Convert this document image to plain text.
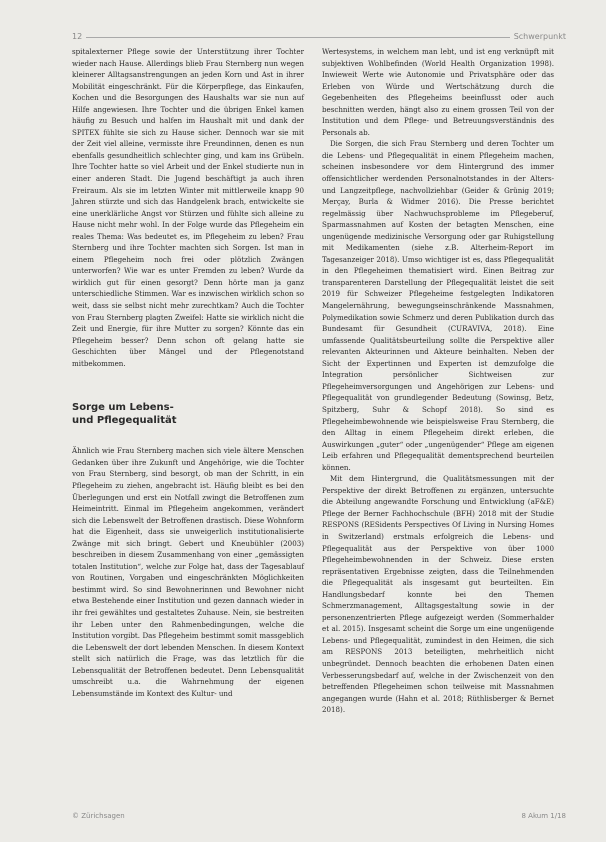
12	Schwerpunkt

spitalexterner Pflege sowie der Unterstützung ihrer Tochter wieder nach Hause. Allerdings blieb Frau Sternberg nun wegen kleinerer Alltagsanstrengungen an jeden Korn und Ast in ihrer Mobilität eingeschränkt. Für die Körperpflege, das Einkaufen, Kochen und die Besorgungen des Haushalts war sie nun auf Hilfe angewiesen. Ihre Tochter und die übrigen Enkel kamen häufig zu Besuch und halfen im Haushalt mit und dank der SPITEX fühlte sie sich zu Hause sicher. Dennoch war sie mit der Zeit viel alleine, vermisste ihre Freundinnen, denen es nun ebenfalls gesundheitlich schlechter ging, und kam ins Grübeln. Ihre Tochter hatte so viel Arbeit und der Enkel studierte nun in einer anderen Stadt. Die Jugend beschäftigt ja auch ihren Freiraum. Als sie im letzten Winter mit mittlerweile knapp 90 Jahren stürzte und sich das Handgelenk brach, entwickelte sie eine unerklärliche Angst vor Stürzen und fühlte sich alleine zu Hause nicht mehr wohl. In der Folge wurde das Pflegeheim ein reales Thema: Was bedeutet es, im Pflegeheim zu leben? Frau Sternberg und ihre Tochter machten sich Sorgen. Ist man in einem Pflegeheim noch frei oder plötzlich Zwängen unterworfen? Wie war es unter Fremden zu leben? Wurde da wirklich gut für einen gesorgt? Denn hörte man ja ganz unterschiedliche Stimmen. War es inzwischen wirklich schon so weit, dass sie selbst nicht mehr zurechtkam? Auch die Tochter von Frau Sternberg plagten Zweifel: Hatte sie wirklich nicht die Zeit und Energie, für ihre Mutter zu sorgen? Könnte das ein Pflegeheim besser? Denn schon oft gelang hatte sie Geschichten über Mängel und der Pflegenotstand mitbekommen.

Sorge um Lebens-
und Pflegequalität

Ähnlich wie Frau Sternberg machen sich viele ältere Menschen Gedanken über ihre Zukunft und Angehörige, wie die Tochter von Frau Sternberg, sind besorgt, ob man der Schritt, in ein Pflegeheim zu ziehen, angebracht ist. Häufig bleibt es bei den Überlegungen und erst ein Notfall zwingt die Betroffenen zum Heimeintritt. Einmal im Pflegeheim angekommen, verändert sich die Lebenswelt der Betroffenen drastisch. Diese Wohnform hat die Eigenheit, dass sie unweigerlich institutionalisierte Zwänge mit sich bringt. Gebert und Kneubühler (2003) beschreiben in diesem Zusammenhang von einer „gemässigten totalen Institution“, welche zur Folge hat, dass der Tagesablauf von Routinen, Vorgaben und eingeschränkten Möglichkeiten bestimmt wird. So sind Bewohnerinnen und Bewohner nicht etwa Bestehende einer Institution und gezen dannach wieder in ihr frei gewähltes und gestaltetes Zuhause. Nein, sie bestreiten ihr Leben unter den Rahmenbedingungen, welche die Institution vorgibt. Das Pflegeheim bestimmt somit massgeblich die Lebenswelt der dort lebenden Menschen. In diesem Kontext stellt sich natürlich die Frage, was das letztlich für die Lebensqualität der Betroffenen bedeutet. Denn Lebensqualität umschreibt u.a. die Wahrnehmung der eigenen Lebensumstände im Kontext des Kultur- und

Wertesystems, in welchem man lebt, und ist eng verknüpft mit subjektiven Wohlbefinden (World Health Organization 1998). Inwieweit Werte wie Autonomie und Privatsphäre oder das Erleben von Würde und Wertschätzung durch die Gegebenheiten des Pflegeheims beeinflusst oder auch beschnitten werden, hängt also zu einem grossen Teil von der Institution und dem Pflege- und Betreuungsverständnis des Personals ab.

Die Sorgen, die sich Frau Sternberg und deren Tochter um die Lebens- und Pflegequalität in einem Pflegeheim machen, scheinen insbesondere vor dem Hintergrund des immer offensichtlicher werdenden Personalnotstandes in der Alters- und Langzeitpflege, nachvollziehbar (Geider & Grünig 2019; Merçay, Burla & Widmer 2016). Die Presse berichtet regelmässig über Nachwuchsprobleme im Pflegeberuf, Sparmassnahmen auf Kosten der betagten Menschen, eine ungenügende medizinische Versorgung oder gar Ruhigstellung mit Medikamenten (siehe z.B. Alterheim-Report im Tagesanzeiger 2018). Umso wichtiger ist es, dass Pflegequalität in den Pflegeheimen thematisiert wird. Einen Beitrag zur transparenteren Darstellung der Pflegequalität leistet die seit 2019 für Schweizer Pflegeheime festgelegten Indikatoren Mangelernährung, bewegungseinschränkende Massnahmen, Polymedikation sowie Schmerz und deren Publikation durch das Bundesamt für Gesundheit (CURAVIVA, 2018). Eine umfassende Qualitätsbeurteilung sollte die Perspektive aller relevanten Akteurinnen und Akteure beinhalten. Neben der Sicht der Expertinnen und Experten ist demzufolge die Integration persönlicher Sichtweisen zur Pflegeheimversorgungen und Angehörigen zur Lebens- und Pflegequalität von grundlegender Bedeutung (Sowinsg, Betz, Spitzberg, Suhr & Schopf 2018). So sind es Pflegeheimbewohnende wie beispielsweise Frau Sternberg, die den Alltag in einem Pflegeheim direkt erleben, die Auswirkungen „guter“ oder „ungenügender“ Pflege am eigenen Leib erfahren und Pflegequalität dementsprechend beurteilen können.

Mit dem Hintergrund, die Qualitätsmessungen mit der Perspektive der direkt Betroffenen zu ergänzen, untersuchte die Abteilung angewandte Forschung und Entwicklung (aF&E) Pflege der Berner Fachhochschule (BFH) 2018 mit der Studie RESPONS (RESidents Perspectives Of Living in Nursing Homes in Switzerland) erstmals erfolgreich die Lebens- und Pflegequalität aus der Perspektive von über 1000 Pflegeheimbewohnenden in der Schweiz. Diese ersten repräsentativen Ergebnisse zeigten, dass die Teilnehmenden die Pflegequalität als insgesamt gut beurteilten. Ein Handlungsbedarf konnte bei den Themen Schmerzmanagement, Alltagsgestaltung sowie in der personenzentrierten Pflege aufgezeigt werden (Sommerhalder et al. 2015). Insgesamt scheint die Sorge um eine ungenügende Lebens- und Pflegequalität, zumindest in den Heimen, die sich am RESPONS 2013 beteiligten, mehrheitlich nicht unbegründet. Dennoch beachten die erhobenen Daten einen Verbesserungsbedarf auf, welche in der Zwischenzeit von den betreffenden Pflegeheimen schon teilweise mit Massnahmen angegangen wurde (Hahn et al. 2018; Rüthlisberger & Bernet 2018).

© Zürichsagen	8 Akum 1/18
